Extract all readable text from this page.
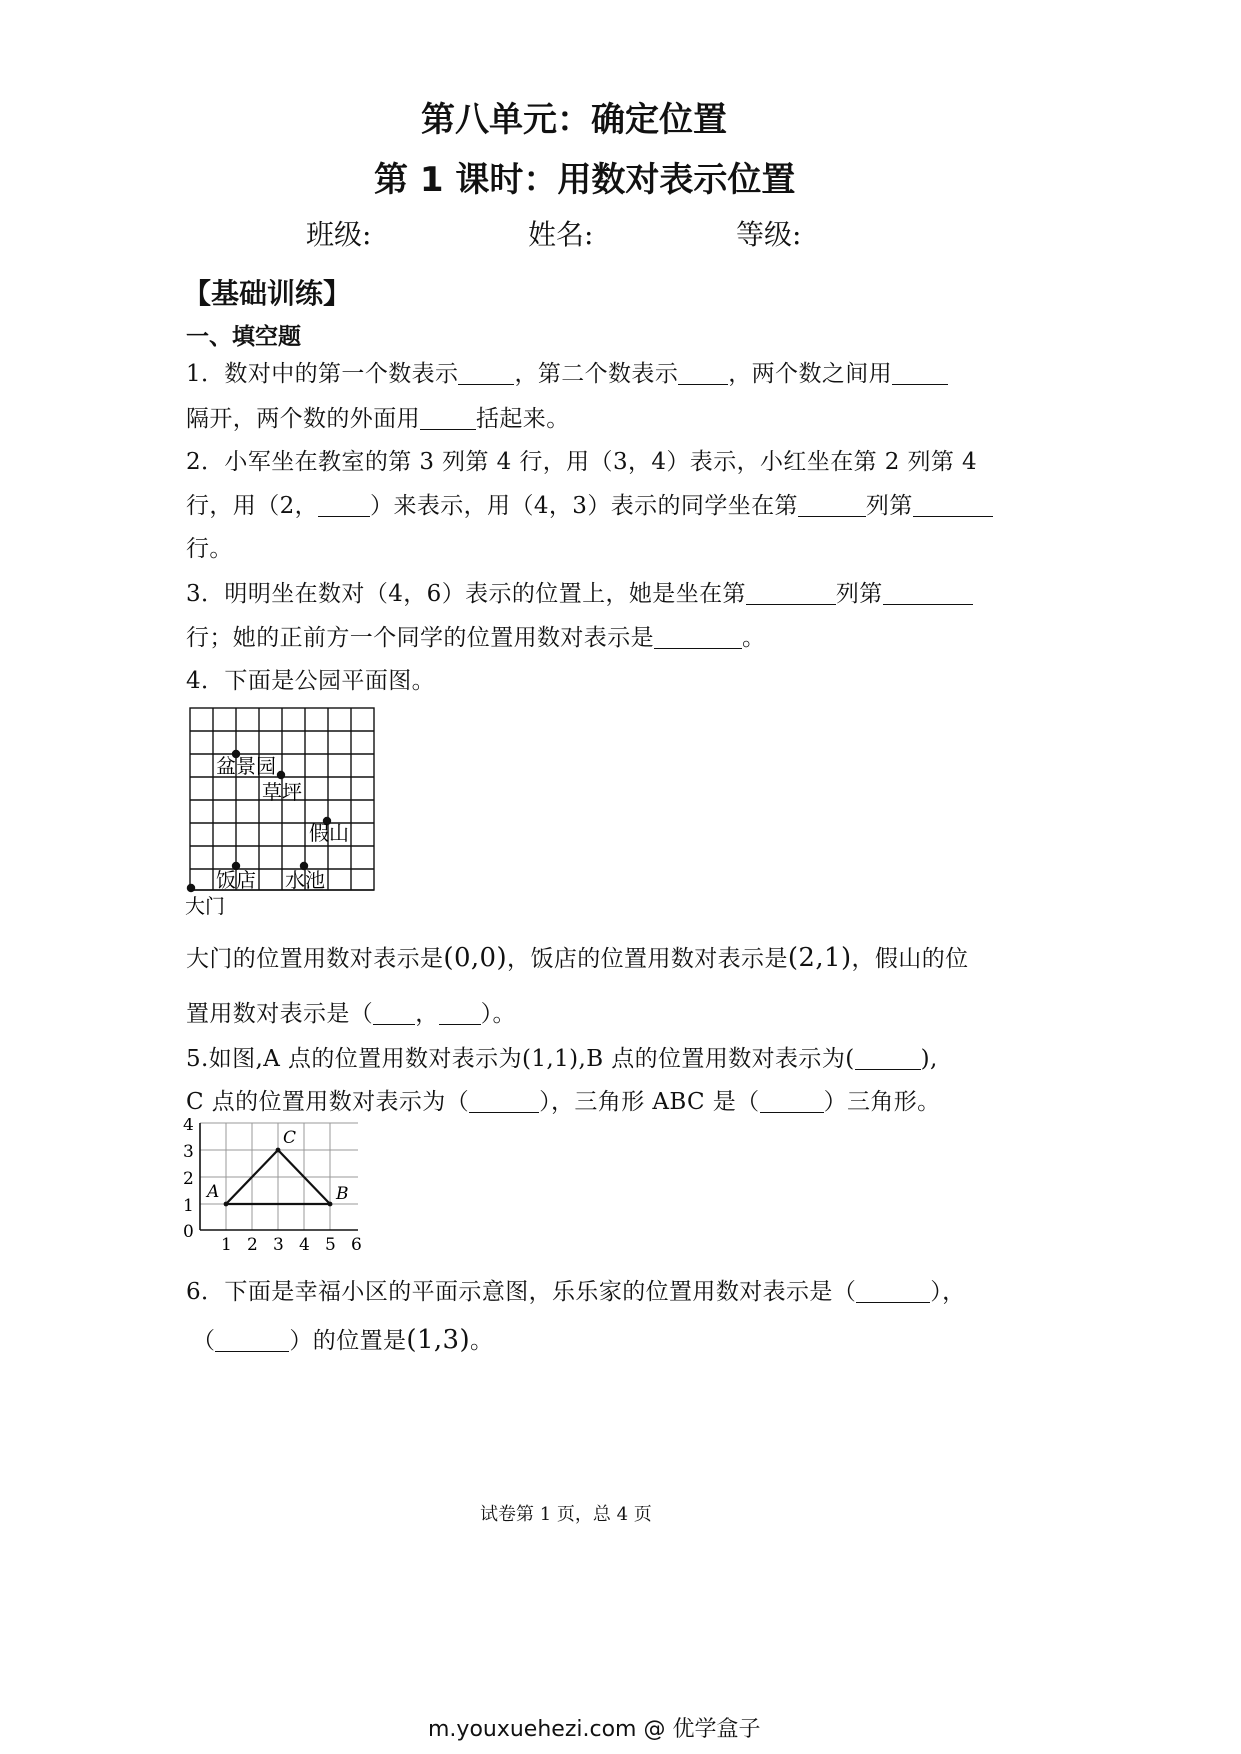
第八单元：确定位置
第 1 课时：用数对表示位置
班级:	姓名:	等级:
【基础训练】
一、填空题
1．数对中的第一个数表示 ，第二个数表示 ，两个数之间用
隔开，两个数的外面用 括起来。
2．小军坐在教室的第 3 列第 4 行，用（3，4）表示，小红坐在第 2 列第 4
行，用（2， ）来表示，用（4，3）表示的同学坐在第	列第
行。
3．明明坐在数对（4，6）表示的位置上，她是坐在第	列第
行；她的正前方一个同学的位置用数对表示是	。
4．下面是公园平面图。
盆景园
草坪
假山
饭店 水池
大门
大门的位置用数对表示是(0,0)，饭店的位置用数对表示是(2,1)，假山的位
置用数对表示是（ ， ）。
5.如图,A 点的位置用数对表示为(1,1),B 点的位置用数对表示为(	),
C 点的位置用数对表示为（	），三角形 ABC 是（	）三角形。
A
C
B
4
3
2
1
0
1 2 3 4 5 6
6．下面是幸福小区的平面示意图，乐乐家的位置用数对表示是（	），
（	）的位置是(1,3)。
试卷第 1 页，总 4 页
m.youxuehezi.com @ 优学盒子
